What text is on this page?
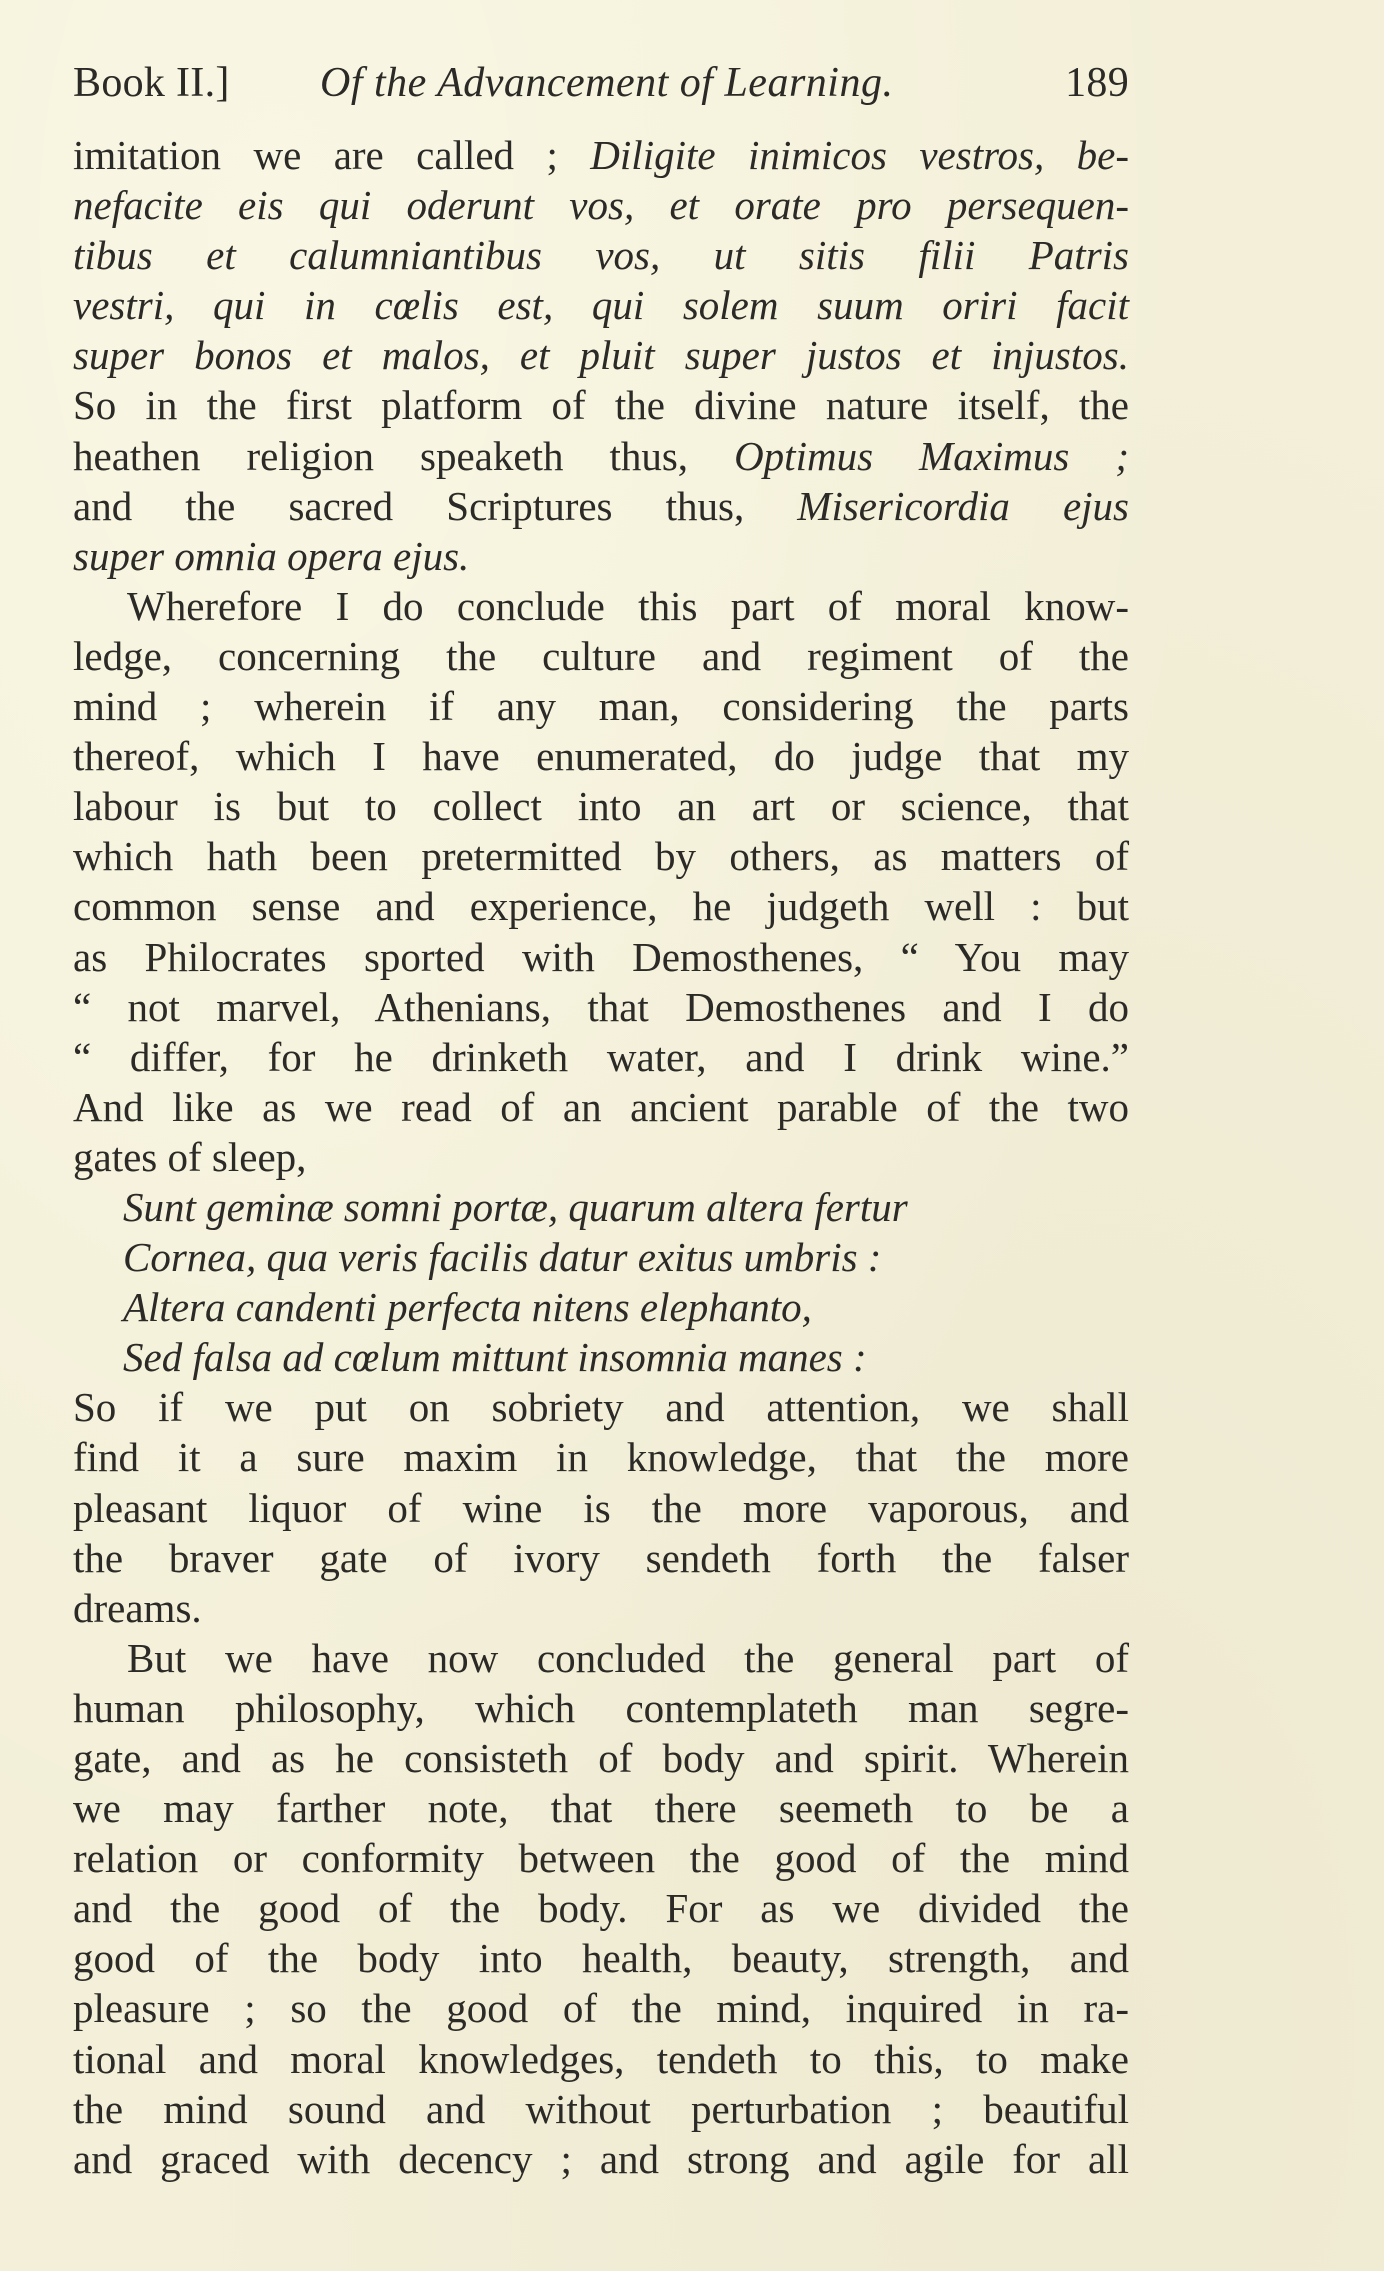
Book II.] Of the Advancement of Learning.	189
imitation we are called ; Diligite inimicos vestros, be-
nefacite eis qui oderunt vos, et orate pro persequen-
tibus et calumniantibus vos, ut sitis filii Patris
vestri, qui in cœlis est, qui solem suum oriri facit
super bonos et malos, et pluit super justos et injustos.
So in the first platform of the divine nature itself, the
heathen religion speaketh thus, Optimus Maximus ;
and the sacred Scriptures thus, Misericordia ejus
super omnia opera ejus.
Wherefore I do conclude this part of moral know-
ledge, concerning the culture and regiment of the
mind ; wherein if any man, considering the parts
thereof, which I have enumerated, do judge that my
labour is but to collect into an art or science, that
which hath been pretermitted by others, as matters of
common sense and experience, he judgeth well : but
as Philocrates sported with Demosthenes, “ You may
“ not marvel, Athenians, that Demosthenes and I do
“ differ, for he drinketh water, and I drink wine.”
And like as we read of an ancient parable of the two
gates of sleep,
Sunt geminæ somni portæ, quarum altera fertur
Cornea, qua veris facilis datur exitus umbris :
Altera candenti perfecta nitens elephanto,
Sed falsa ad cœlum mittunt insomnia manes :
So if we put on sobriety and attention, we shall
find it a sure maxim in knowledge, that the more
pleasant liquor of wine is the more vaporous, and
the braver gate of ivory sendeth forth the falser
dreams.
But we have now concluded the general part of
human philosophy, which contemplateth man segre-
gate, and as he consisteth of body and spirit. Wherein
we may farther note, that there seemeth to be a
relation or conformity between the good of the mind
and the good of the body. For as we divided the
good of the body into health, beauty, strength, and
pleasure ; so the good of the mind, inquired in ra-
tional and moral knowledges, tendeth to this, to make
the mind sound and without perturbation ; beautiful
and graced with decency ; and strong and agile for all
